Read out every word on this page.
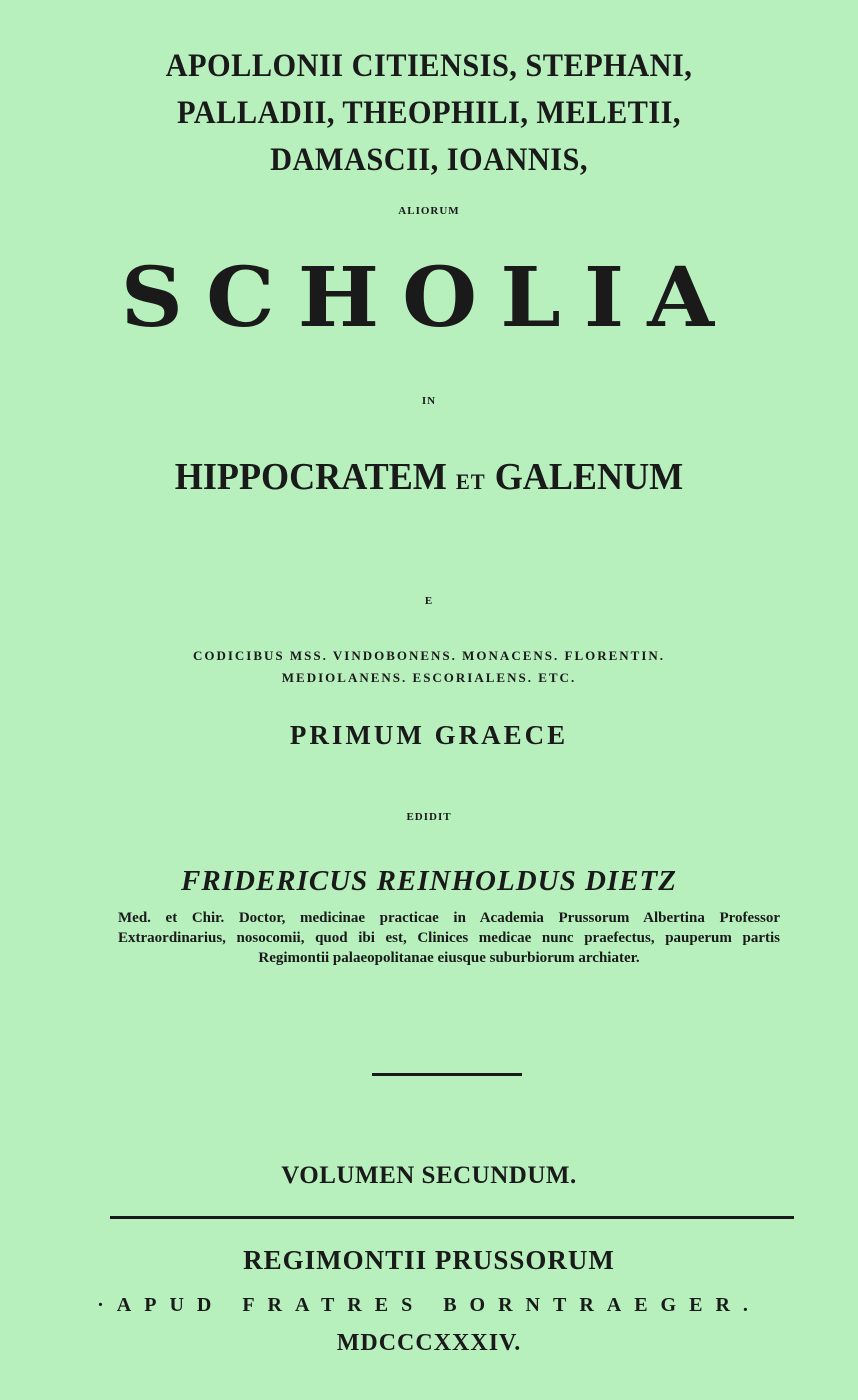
APOLLONII CITIENSIS, STEPHANI,
PALLADII, THEOPHILI, MELETII,
DAMASCII, IOANNIS,
ALIORUM
SCHOLIA
IN
HIPPOCRATEM ET GALENUM
E
CODICIBUS MSS. VINDOBONENS. MONACENS. FLORENTIN.
MEDIOLANENS. ESCORIALENS. ETC.
PRIMUM GRAECE
EDIDIT
FRIDERICUS REINHOLDUS DIETZ
Med. et Chir. Doctor, medicinae practicae in Academia Prussorum Albertina Professor Extraordinarius, nosocomii, quod ibi est, Clinices medicae nunc praefectus, pauperum partis Regimontii palaeopolitanae eiusque suburbiorum archiater.
VOLUMEN SECUNDUM.
REGIMONTII PRUSSORUM
·APUD FRATRES BORNTRAEGER.
MDCCCXXXIV.
